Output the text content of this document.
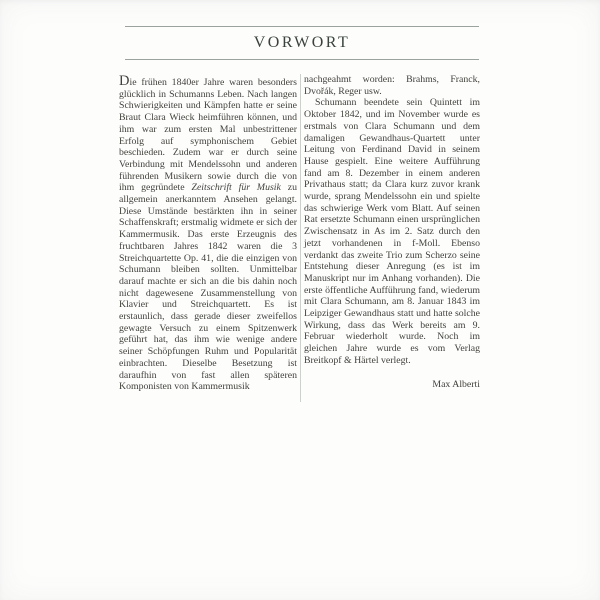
VORWORT

Die frühen 1840er Jahre waren besonders glücklich in Schumanns Leben. Nach langen Schwierigkeiten und Kämpfen hatte er seine Braut Clara Wieck heimführen können, und ihm war zum ersten Mal unbestrittener Erfolg auf symphonischem Gebiet beschieden. Zudem war er durch seine Verbindung mit Mendelssohn und anderen führenden Musikern sowie durch die von ihm gegründete Zeitschrift für Musik zu allgemein anerkanntem Ansehen gelangt. Diese Umstände bestärkten ihn in seiner Schaffenskraft; erstmalig widmete er sich der Kammermusik. Das erste Erzeugnis des fruchtbaren Jahres 1842 waren die 3 Streichquartette Op. 41, die die einzigen von Schumann bleiben sollten. Unmittelbar darauf machte er sich an die bis dahin noch nicht dagewesene Zusammenstellung von Klavier und Streichquartett. Es ist erstaunlich, dass gerade dieser zweifellos gewagte Versuch zu einem Spitzenwerk geführt hat, das ihm wie wenige andere seiner Schöpfungen Ruhm und Popularität einbrachten. Dieselbe Besetzung ist daraufhin von fast allen späteren Komponisten von Kammermusik

nachgeahmt worden: Brahms, Franck, Dvořák, Reger usw.

Schumann beendete sein Quintett im Oktober 1842, und im November wurde es erstmals von Clara Schumann und dem damaligen Gewandhaus-Quartett unter Leitung von Ferdinand David in seinem Hause gespielt. Eine weitere Aufführung fand am 8. Dezember in einem anderen Privathaus statt; da Clara kurz zuvor krank wurde, sprang Mendelssohn ein und spielte das schwierige Werk vom Blatt. Auf seinen Rat ersetzte Schumann einen ursprünglichen Zwischensatz in As im 2. Satz durch den jetzt vorhandenen in f-Moll. Ebenso verdankt das zweite Trio zum Scherzo seine Entstehung dieser Anregung (es ist im Manuskript nur im Anhang vorhanden). Die erste öffentliche Aufführung fand, wiederum mit Clara Schumann, am 8. Januar 1843 im Leipziger Gewandhaus statt und hatte solche Wirkung, dass das Werk bereits am 9. Februar wiederholt wurde. Noch im gleichen Jahre wurde es vom Verlag Breitkopf & Härtel verlegt.

Max Alberti
